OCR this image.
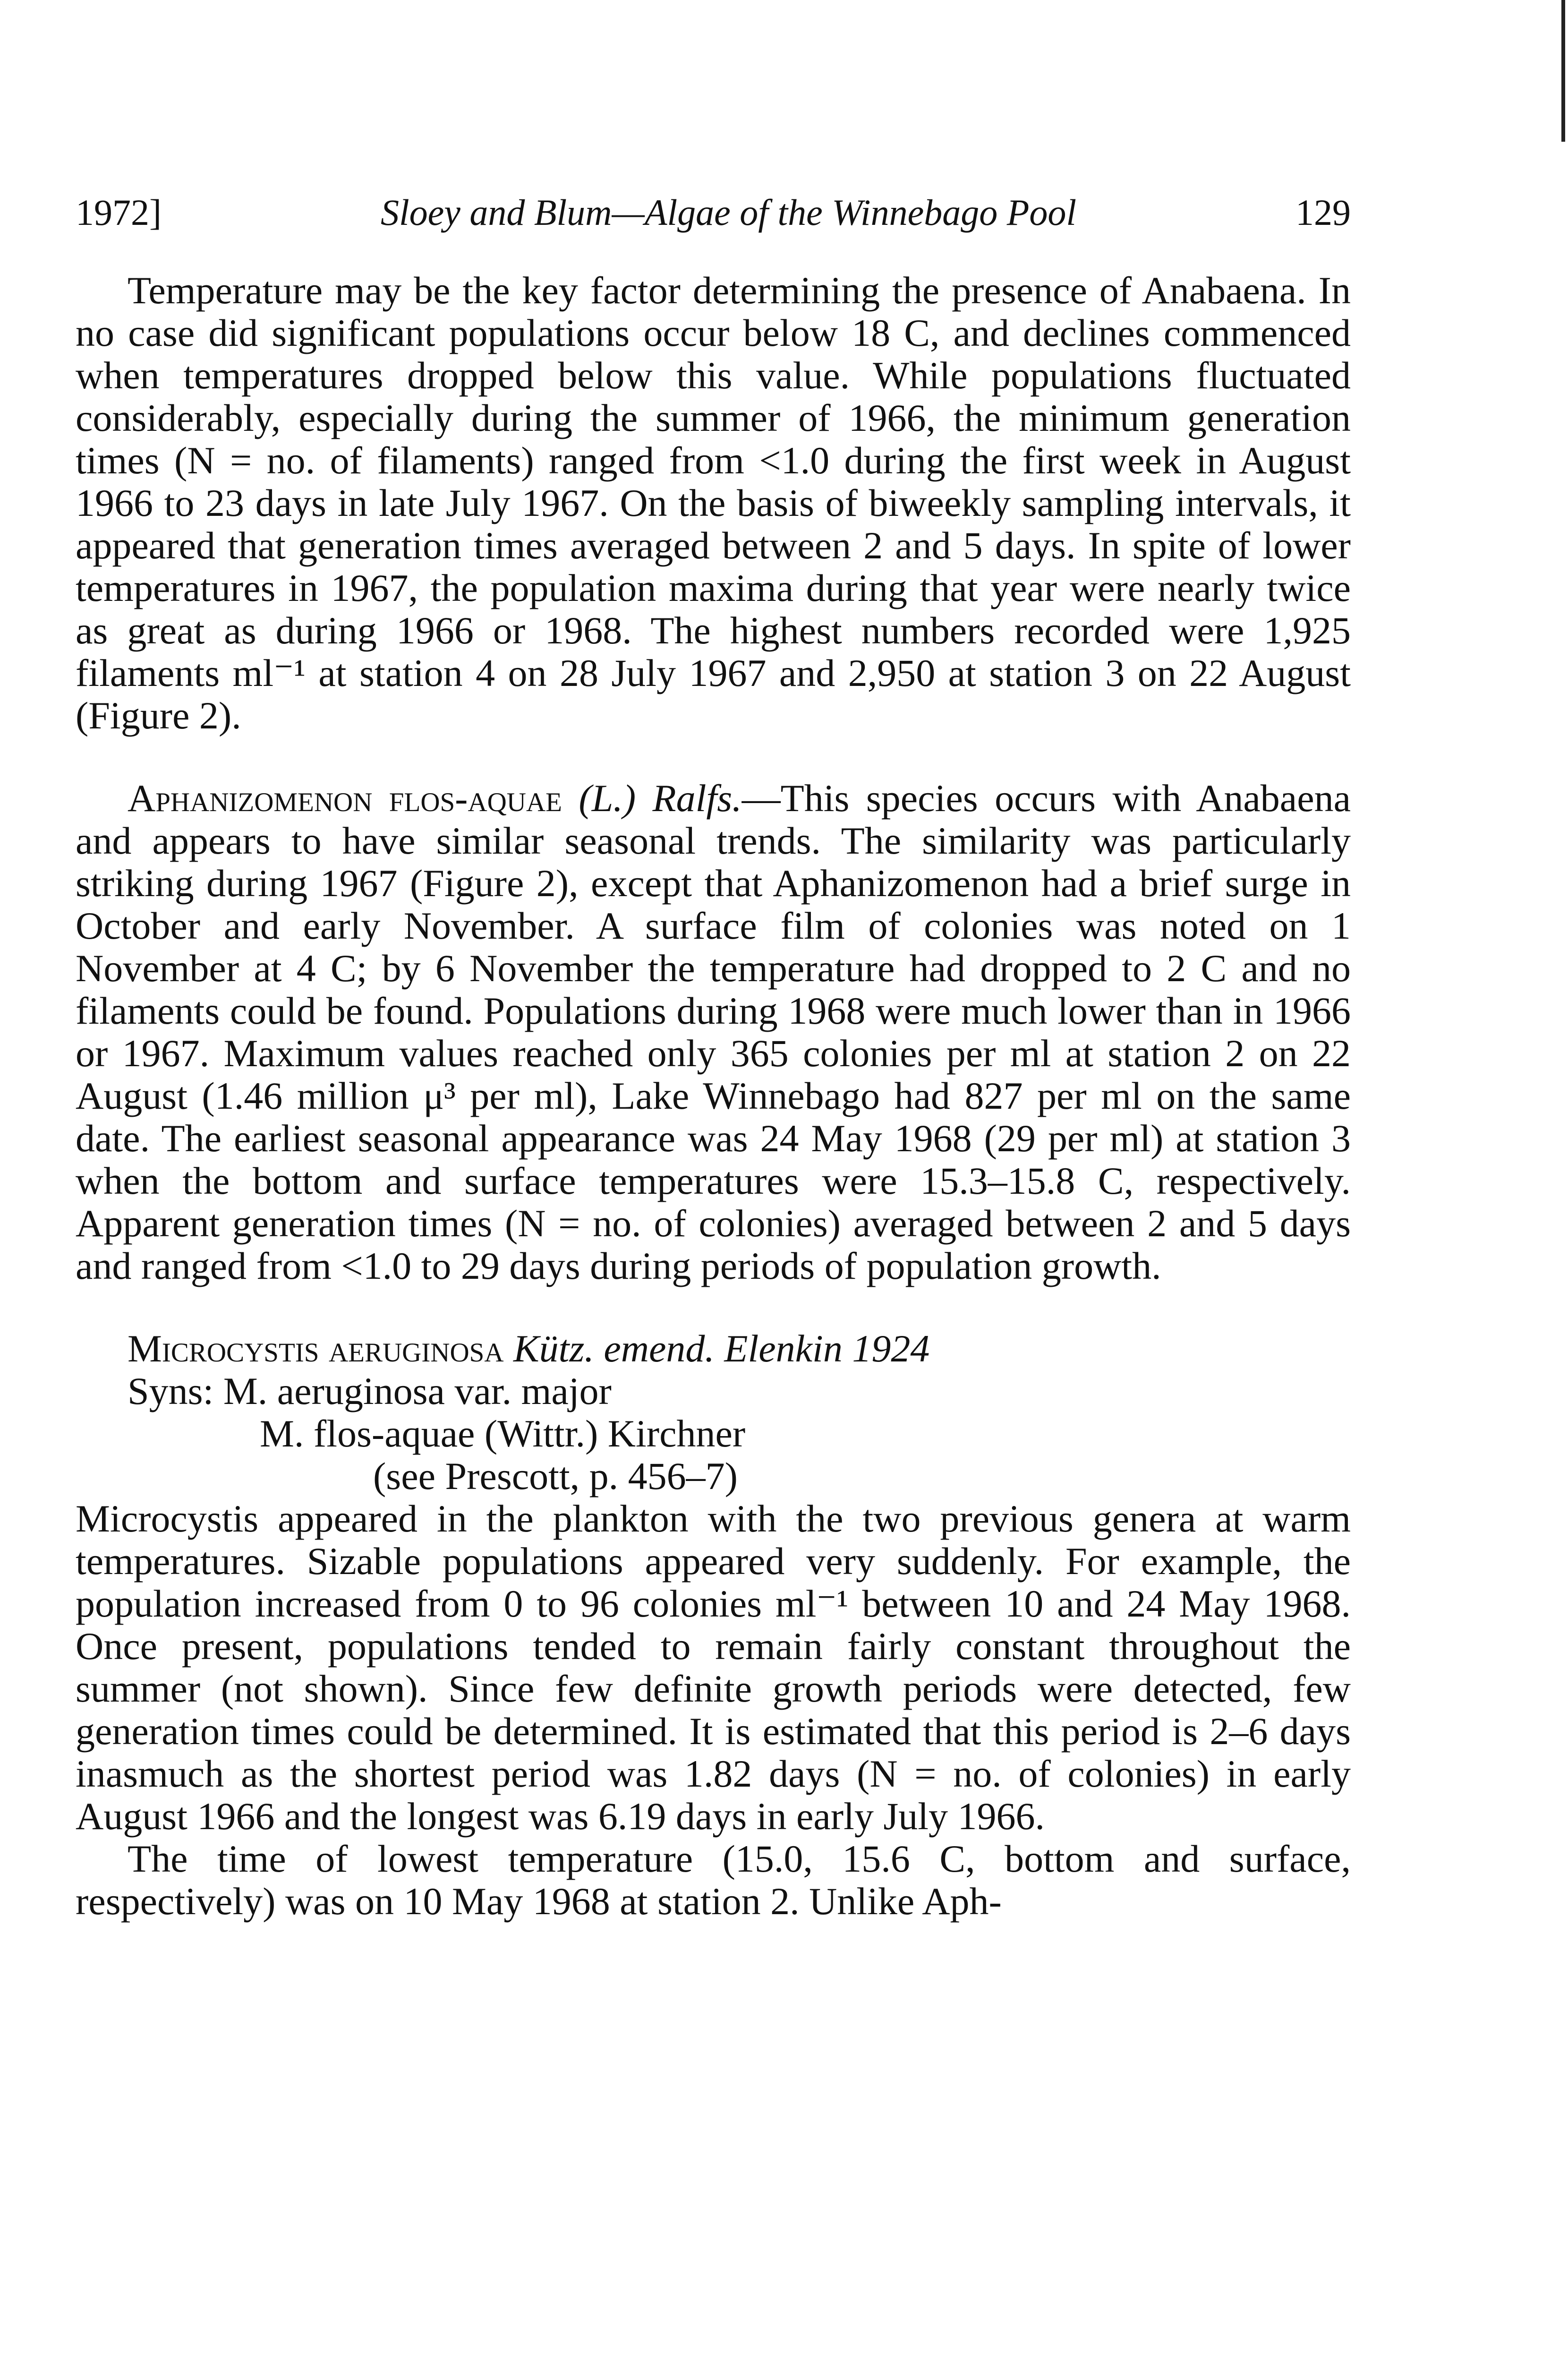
1972]	Sloey and Blum—Algae of the Winnebago Pool	129

Temperature may be the key factor determining the presence of Anabaena. In no case did significant populations occur below 18 C, and declines commenced when temperatures dropped below this value. While populations fluctuated considerably, especially during the summer of 1966, the minimum generation times (N = no. of filaments) ranged from <1.0 during the first week in August 1966 to 23 days in late July 1967. On the basis of biweekly sampling intervals, it appeared that generation times averaged between 2 and 5 days. In spite of lower temperatures in 1967, the population maxima during that year were nearly twice as great as during 1966 or 1968. The highest numbers recorded were 1,925 filaments ml⁻¹ at station 4 on 28 July 1967 and 2,950 at station 3 on 22 August (Figure 2).

Aphanizomenon flos-aquae (L.) Ralfs.—This species occurs with Anabaena and appears to have similar seasonal trends. The similarity was particularly striking during 1967 (Figure 2), except that Aphanizomenon had a brief surge in October and early November. A surface film of colonies was noted on 1 November at 4 C; by 6 November the temperature had dropped to 2 C and no filaments could be found. Populations during 1968 were much lower than in 1966 or 1967. Maximum values reached only 365 colonies per ml at station 2 on 22 August (1.46 million μ³ per ml), Lake Winnebago had 827 per ml on the same date. The earliest seasonal appearance was 24 May 1968 (29 per ml) at station 3 when the bottom and surface temperatures were 15.3–15.8 C, respectively. Apparent generation times (N = no. of colonies) averaged between 2 and 5 days and ranged from <1.0 to 29 days during periods of population growth.

Microcystis aeruginosa Kütz. emend. Elenkin 1924
Syns: M. aeruginosa var. major
M. flos-aquae (Wittr.) Kirchner
(see Prescott, p. 456–7)

Microcystis appeared in the plankton with the two previous genera at warm temperatures. Sizable populations appeared very suddenly. For example, the population increased from 0 to 96 colonies ml⁻¹ between 10 and 24 May 1968. Once present, populations tended to remain fairly constant throughout the summer (not shown). Since few definite growth periods were detected, few generation times could be determined. It is estimated that this period is 2–6 days inasmuch as the shortest period was 1.82 days (N = no. of colonies) in early August 1966 and the longest was 6.19 days in early July 1966.

The time of lowest temperature (15.0, 15.6 C, bottom and surface, respectively) was on 10 May 1968 at station 2. Unlike Aph-
